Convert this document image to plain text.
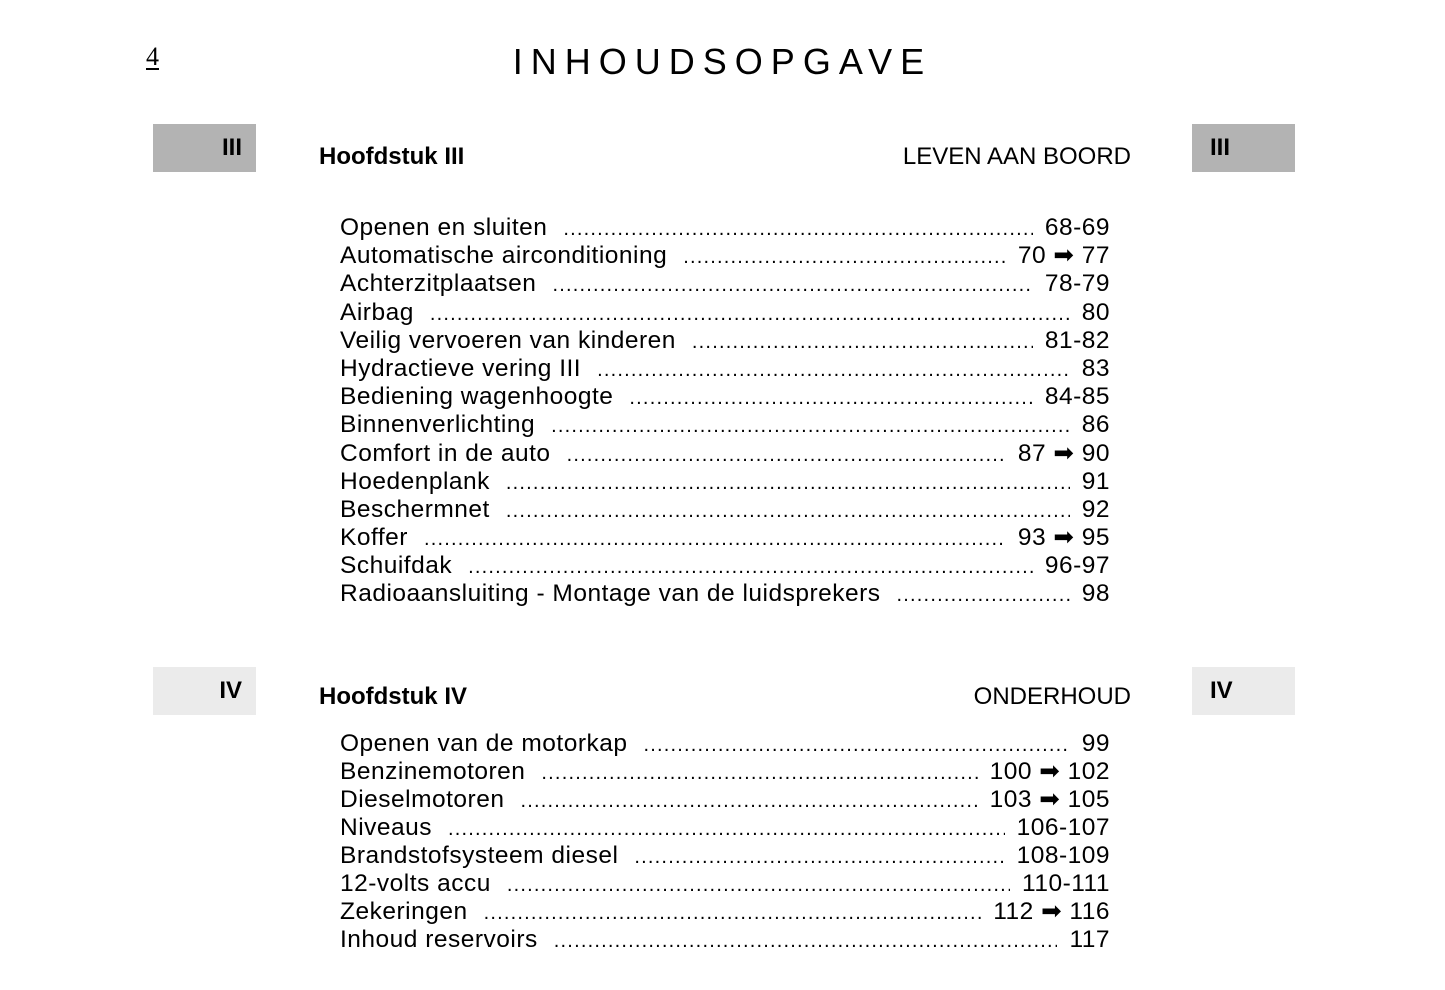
4	INHOUDSOPGAVE
III	III
Hoofdstuk III	LEVEN AAN BOORD
Openen en sluiten .....	68-69
Automatische airconditioning .....	70 ➡ 77
Achterzitplaatsen .....	78-79
Airbag .....	80
Veilig vervoeren van kinderen .....	81-82
Hydractieve vering III .....	83
Bediening wagenhoogte .....	84-85
Binnenverlichting .....	86
Comfort in de auto .....	87 ➡ 90
Hoedenplank .....	91
Beschermnet .....	92
Koffer .....	93 ➡ 95
Schuifdak .....	96-97
Radioaansluiting - Montage van de luidsprekers .....	98
IV	IV
Hoofdstuk IV	ONDERHOUD
Openen van de motorkap .....	99
Benzinemotoren .....	100 ➡ 102
Dieselmotoren .....	103 ➡ 105
Niveaus .....	106-107
Brandstofsysteem diesel .....	108-109
12-volts accu .....	110-111
Zekeringen .....	112 ➡ 116
Inhoud reservoirs .....	117
